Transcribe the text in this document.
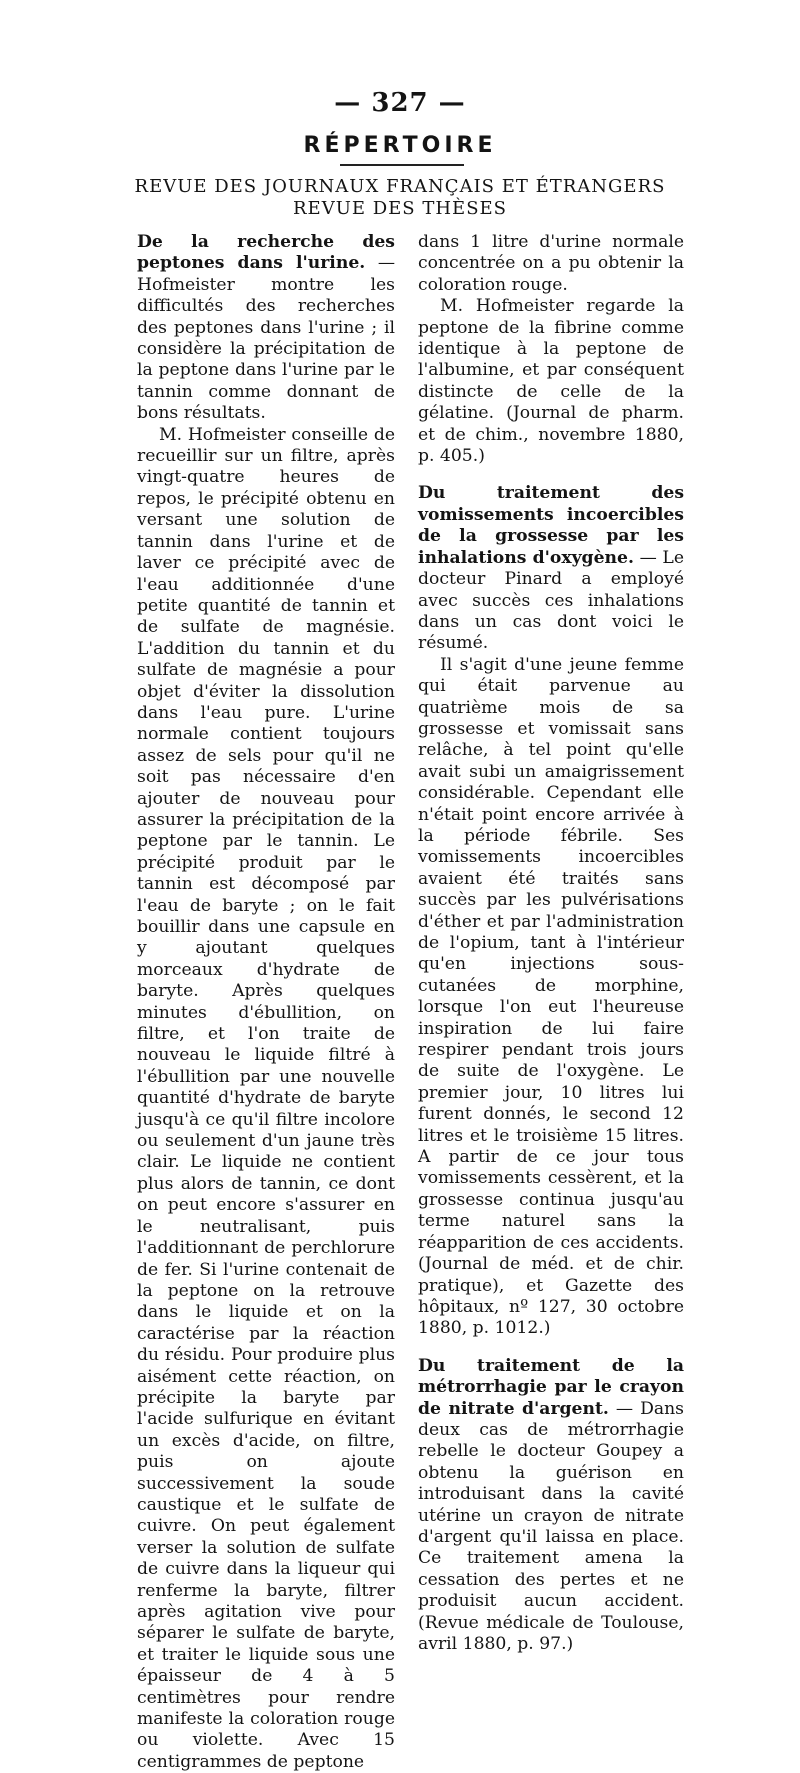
— 327 —
RÉPERTOIRE
REVUE DES JOURNAUX FRANÇAIS ET ÉTRANGERS
REVUE DES THÈSES

De la recherche des peptones dans l'urine. — Hofmeister montre les difficultés des recherches des peptones dans l'urine ; il considère la précipitation de la peptone dans l'urine par le tannin comme donnant de bons résultats.

M. Hofmeister conseille de recueillir sur un filtre, après vingt-quatre heures de repos, le précipité obtenu en versant une solution de tannin dans l'urine et de laver ce précipité avec de l'eau additionnée d'une petite quantité de tannin et de sulfate de magnésie. L'addition du tannin et du sulfate de magnésie a pour objet d'éviter la dissolution dans l'eau pure. L'urine normale contient toujours assez de sels pour qu'il ne soit pas nécessaire d'en ajouter de nouveau pour assurer la précipitation de la peptone par le tannin. Le précipité produit par le tannin est décomposé par l'eau de baryte ; on le fait bouillir dans une capsule en y ajoutant quelques morceaux d'hydrate de baryte. Après quelques minutes d'ébullition, on filtre, et l'on traite de nouveau le liquide filtré à l'ébullition par une nouvelle quantité d'hydrate de baryte jusqu'à ce qu'il filtre incolore ou seulement d'un jaune très clair. Le liquide ne contient plus alors de tannin, ce dont on peut encore s'assurer en le neutralisant, puis l'additionnant de perchlorure de fer. Si l'urine contenait de la peptone on la retrouve dans le liquide et on la caractérise par la réaction du résidu. Pour produire plus aisément cette réaction, on précipite la baryte par l'acide sulfurique en évitant un excès d'acide, on filtre, puis on ajoute successivement la soude caustique et le sulfate de cuivre. On peut également verser la solution de sulfate de cuivre dans la liqueur qui renferme la baryte, filtrer après agitation vive pour séparer le sulfate de baryte, et traiter le liquide sous une épaisseur de 4 à 5 centimètres pour rendre manifeste la coloration rouge ou violette. Avec 15 centigrammes de peptone

dans 1 litre d'urine normale concentrée on a pu obtenir la coloration rouge.

M. Hofmeister regarde la peptone de la fibrine comme identique à la peptone de l'albumine, et par conséquent distincte de celle de la gélatine. (Journal de pharm. et de chim., novembre 1880, p. 405.)

Du traitement des vomissements incoercibles de la grossesse par les inhalations d'oxygène. — Le docteur Pinard a employé avec succès ces inhalations dans un cas dont voici le résumé.

Il s'agit d'une jeune femme qui était parvenue au quatrième mois de sa grossesse et vomissait sans relâche, à tel point qu'elle avait subi un amaigrissement considérable. Cependant elle n'était point encore arrivée à la période fébrile. Ses vomissements incoercibles avaient été traités sans succès par les pulvérisations d'éther et par l'administration de l'opium, tant à l'intérieur qu'en injections sous-cutanées de morphine, lorsque l'on eut l'heureuse inspiration de lui faire respirer pendant trois jours de suite de l'oxygène. Le premier jour, 10 litres lui furent donnés, le second 12 litres et le troisième 15 litres. A partir de ce jour tous vomissements cessèrent, et la grossesse continua jusqu'au terme naturel sans la réapparition de ces accidents. (Journal de méd. et de chir. pratique), et Gazette des hôpitaux, nº 127, 30 octobre 1880, p. 1012.)

Du traitement de la métrorrhagie par le crayon de nitrate d'argent. — Dans deux cas de métrorrhagie rebelle le docteur Goupey a obtenu la guérison en introduisant dans la cavité utérine un crayon de nitrate d'argent qu'il laissa en place. Ce traitement amena la cessation des pertes et ne produisit aucun accident. (Revue médicale de Toulouse, avril 1880, p. 97.)
